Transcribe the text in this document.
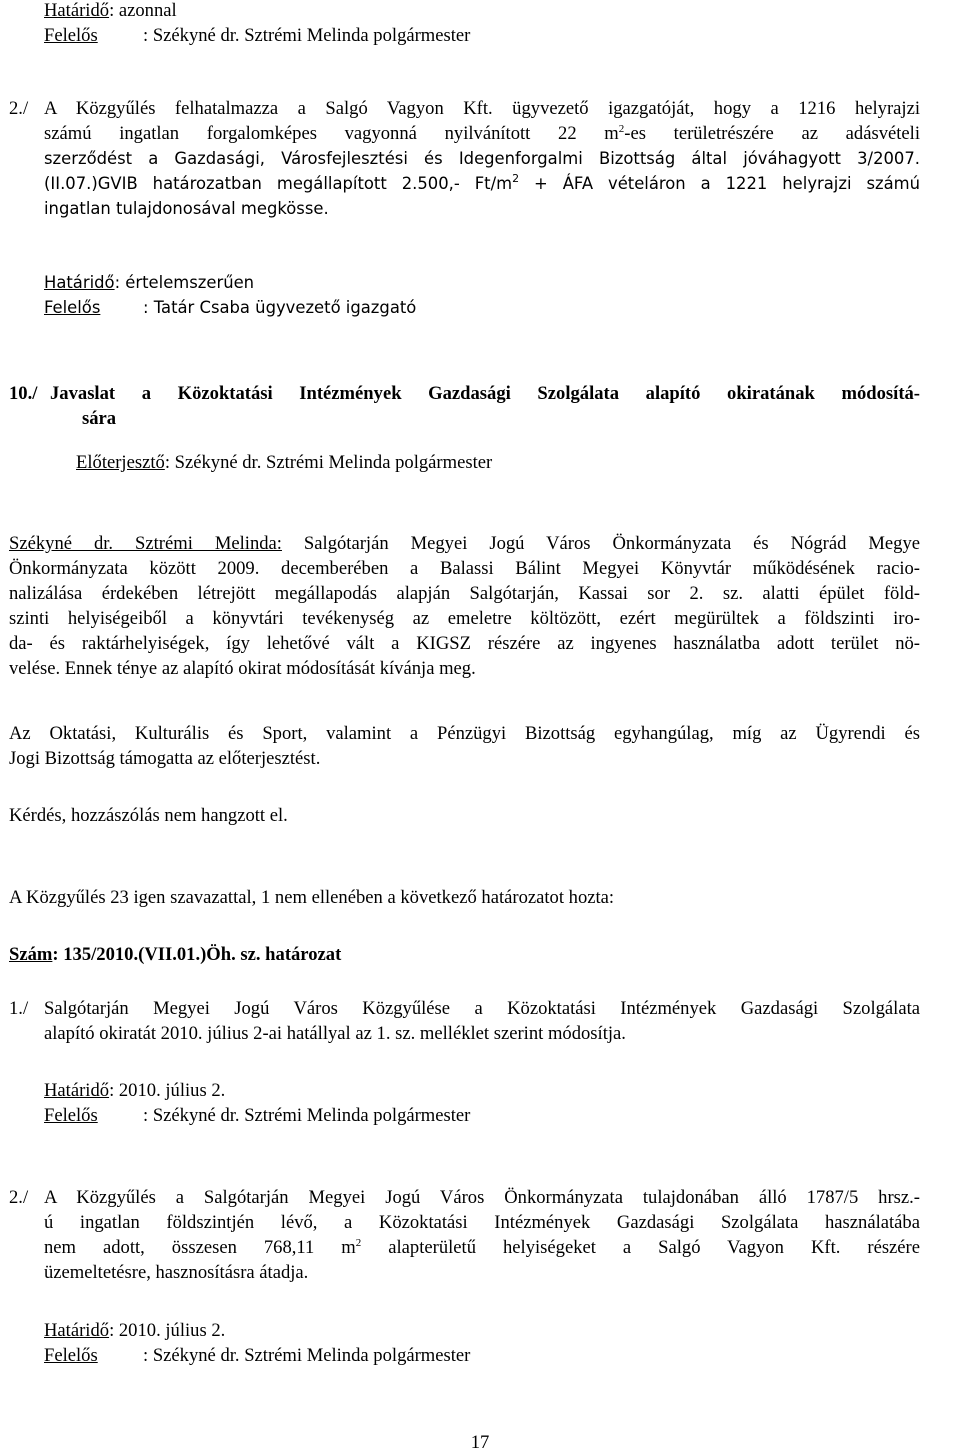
Határidő: azonnal
Felelős : Székyné dr. Sztrémi Melinda polgármester
2./ A Közgyűlés felhatalmazza a Salgó Vagyon Kft. ügyvezető igazgatóját, hogy a 1216 helyrajzi
számú ingatlan forgalomképes vagyonná nyilvánított 22 $m^2-es$ területrészére az adásvételi
szerződést a Gazdasági, Városfejlesztési és Idegenforgalmi Bizottság által jóváhagyott 3/2007.
(II.07.)GVIB határozatban megállapított 2.500,- $Ft/m^2$ + ÁFA vételáron a 1221 helyrajzi számú
ingatlan tulajdonosával megkösse.
Határidő: értelemszerűen
Felelős	: Tatár Csaba ügyvezető igazgató
10./ Javaslat a Közoktatási Intézmények Gazdasági Szolgálata alapító okiratának módosítá-
sára
Előterjesztő: Székyné dr. Sztrémi Melinda polgármester
Székyné dr. Sztrémi Melinda: Salgótarján Megyei Jogú Város Önkormányzata és Nógrád Megye
Önkormányzata között 2009. decemberében a Balassi Bálint Megyei Könyvtár működésének racio-
nalizálása érdekében létrejött megállapodás alapján Salgótarján, Kassai sor 2. sz. alatti épület föld-
szinti helyiségeiből a könyvtári tevékenység az emeletre költözött, ezért megürültek a földszinti iro-
da- és raktárhelyiségek, így lehetővé vált a KIGSZ részére az ingyenes használatba adott terület nö-
velése. Ennek tényе az alapító okirat módosítását kívánja meg.
Az Oktatási, Kulturális és Sport, valamint a Pénzügyi Bizottság egyhangúlag, míg az Ügyrendi és
Jogi Bizottság támogatta az előterjesztést.
Kérdés, hozzászólás nem hangzott el.
A Közgyűlés 23 igen szavazattal, 1 nem ellenében a következő határozatot hozta:
Szám: 135/2010.(VII.01.)Öh. sz. határozat
1./ Salgótarján Megyei Jogú Város Közgyűlése a Közoktatási Intézmények Gazdasági Szolgálata
alapító okiratát 2010. július 2-ai hatállyal az 1. sz. melléklet szerint módosítja.
Határidő: 2010. július 2.
Felelős : Székyné dr. Sztrémi Melinda polgármester
2./ A Közgyűlés a Salgótarján Megyei Jogú Város Önkormányzata tulajdonában álló 1787/5 hrsz.-
ú ingatlan földszintjén lévő, a Közoktatási Intézmények Gazdasági Szolgálata használatába
nem adott, összesen 768,11 $m^2$ alapterületű helyiségeket a Salgó Vagyon Kft. részére
üzemeltetésre, hasznosításra átadja.
Határidő: 2010. július 2.
Felelős : Székyné dr. Sztrémi Melinda polgármester
17
